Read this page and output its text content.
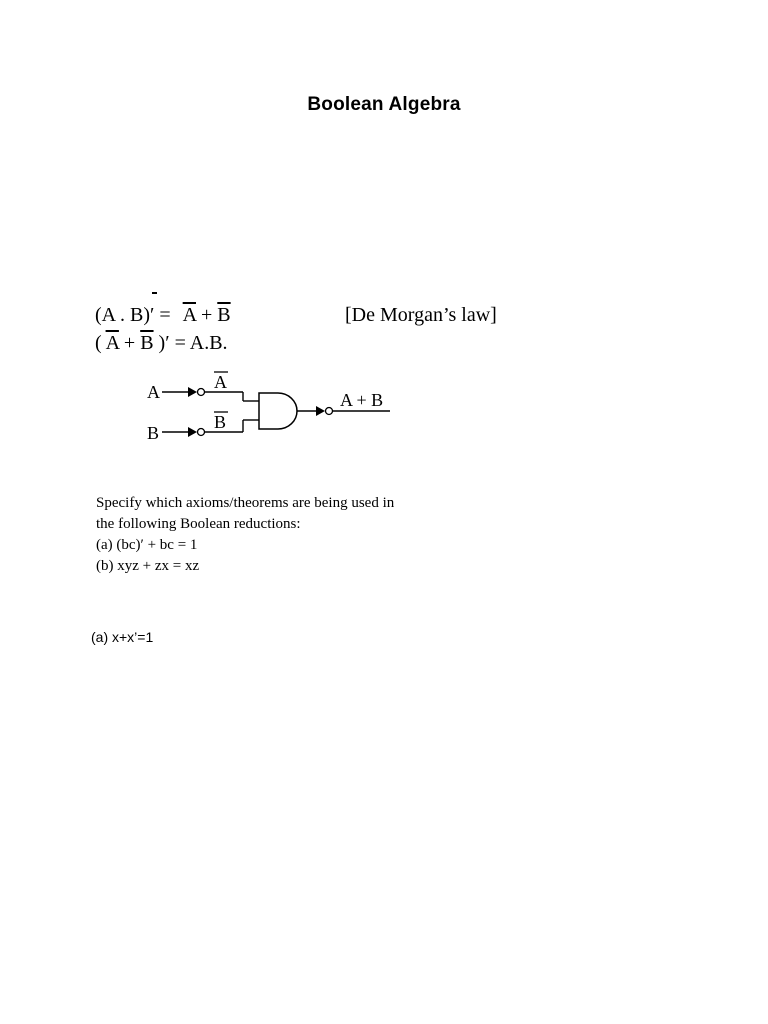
Boolean Algebra
(A . $B)' = \overline{A} + \overline{B}$	[De Morgan’s law]
( $\overline{A} + \overline{B}$ )′ = A.B.
A	A
B
B
A + B
Specify which axioms/theorems are being used in
the following Boolean reductions:
(a) (bc)′ + bc = 1
(b) xyz + zx = xz
(a) x+x’=1
